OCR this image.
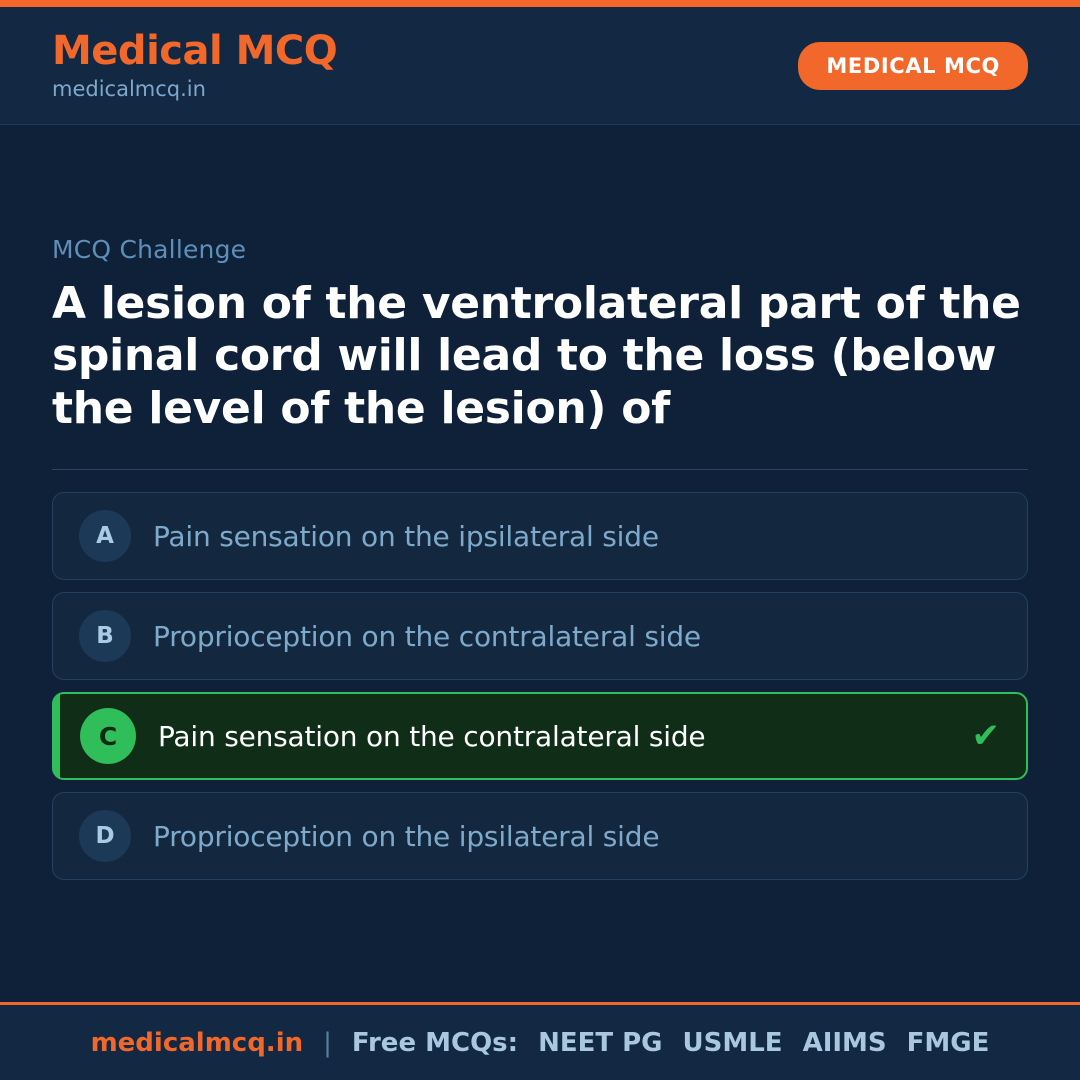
Medical MCQ
medicalmcq.in
MEDICAL MCQ
MCQ Challenge
A lesion of the ventrolateral part of the spinal cord will lead to the loss (below the level of the lesion) of
A	Pain sensation on the ipsilateral side
B	Proprioception on the contralateral side
C	Pain sensation on the contralateral side	✔
D	Proprioception on the ipsilateral side
medicalmcq.in | Free MCQs: NEET PG USMLE AIIMS FMGE
